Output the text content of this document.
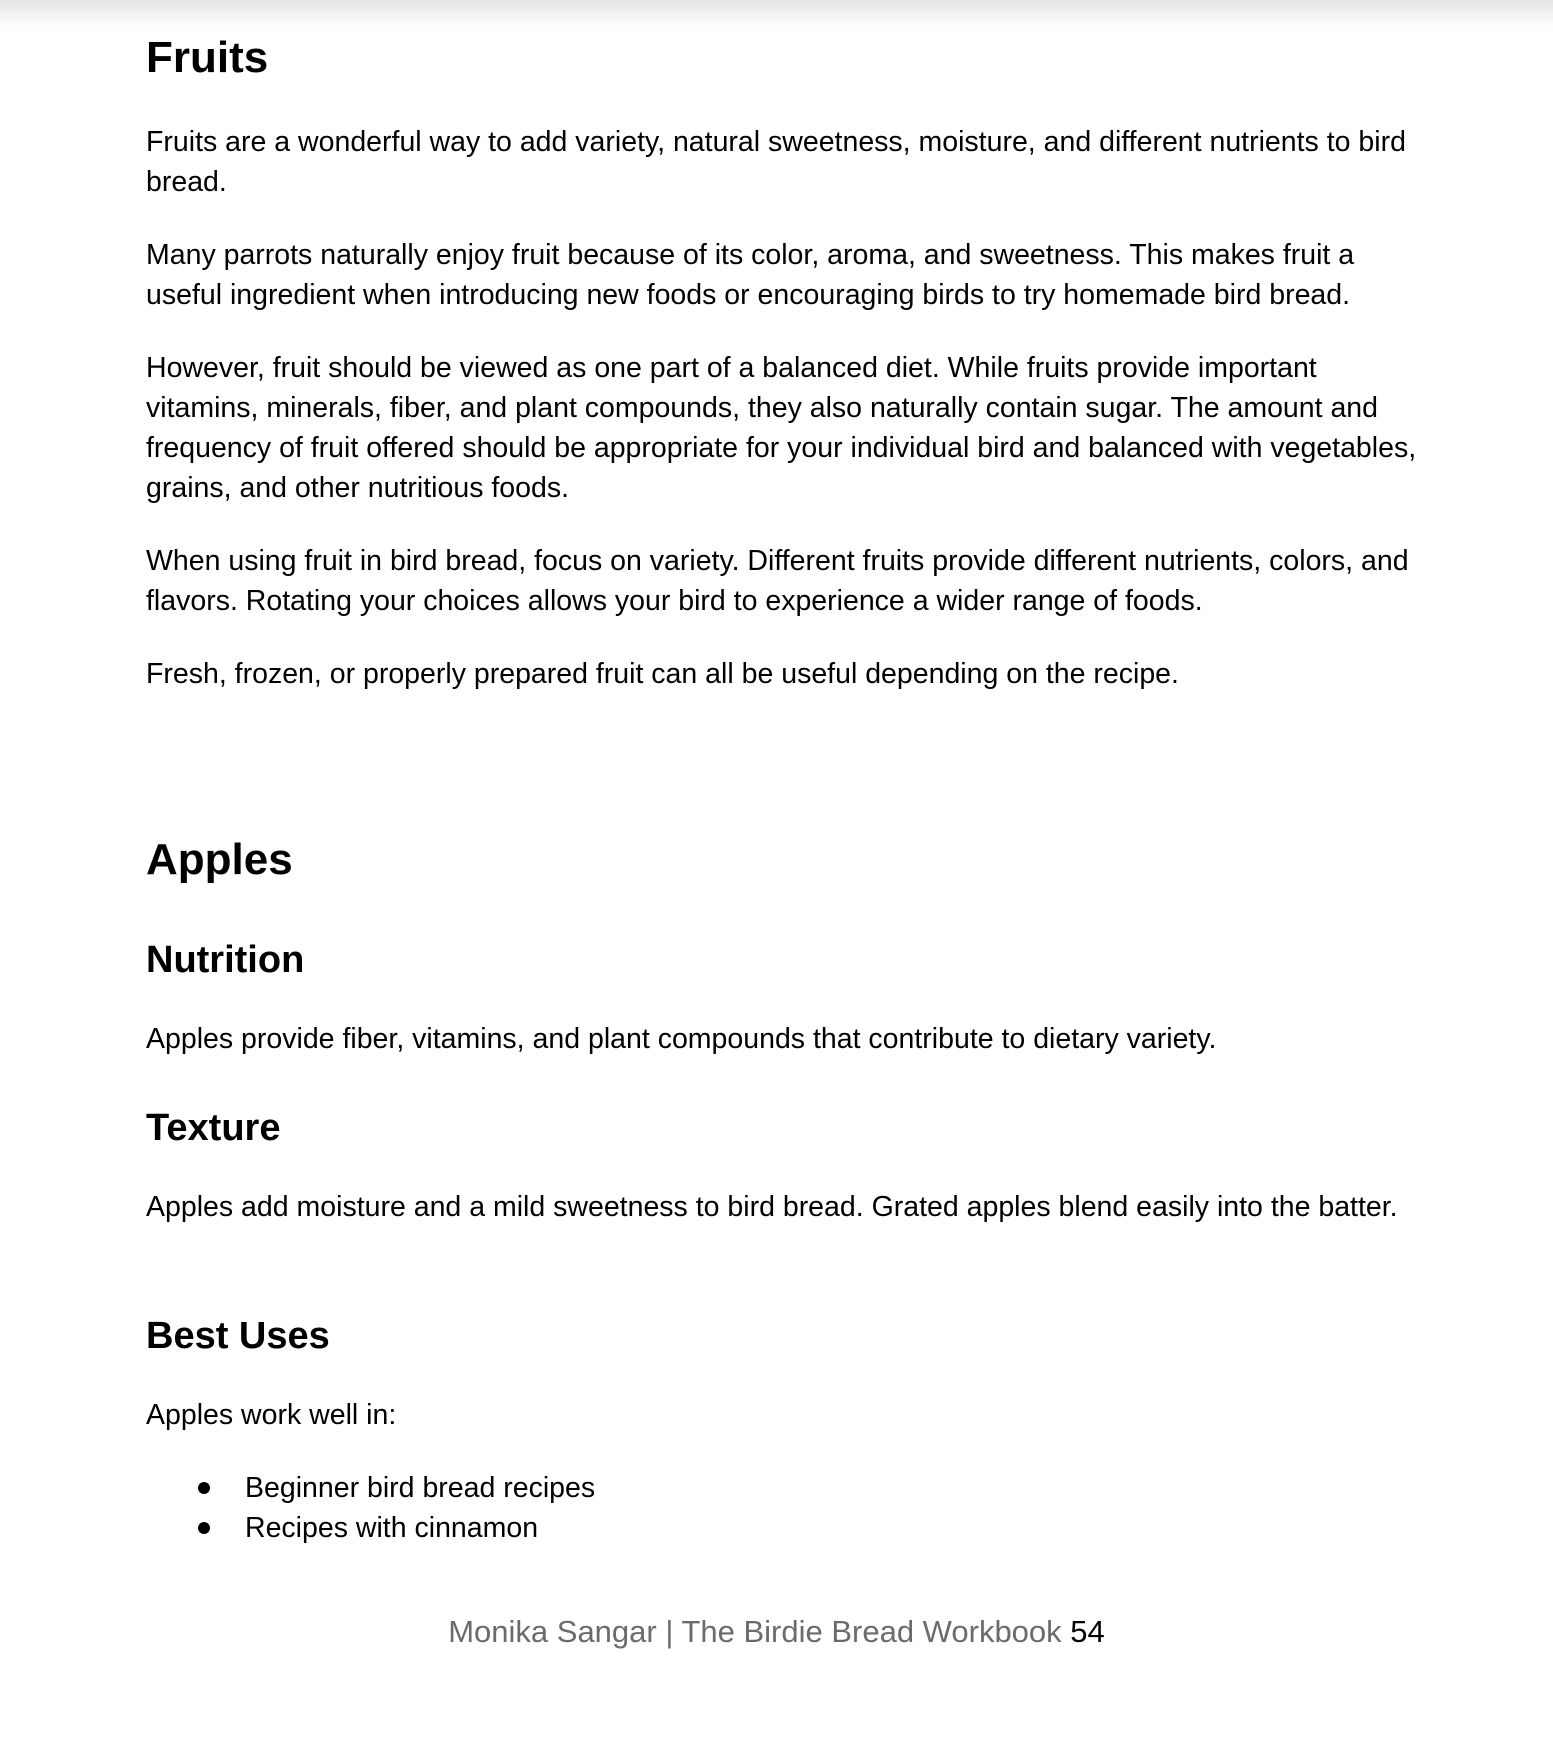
Fruits

Fruits are a wonderful way to add variety, natural sweetness, moisture, and different nutrients to bird bread.

Many parrots naturally enjoy fruit because of its color, aroma, and sweetness. This makes fruit a useful ingredient when introducing new foods or encouraging birds to try homemade bird bread.

However, fruit should be viewed as one part of a balanced diet. While fruits provide important vitamins, minerals, fiber, and plant compounds, they also naturally contain sugar. The amount and frequency of fruit offered should be appropriate for your individual bird and balanced with vegetables, grains, and other nutritious foods.

When using fruit in bird bread, focus on variety. Different fruits provide different nutrients, colors, and flavors. Rotating your choices allows your bird to experience a wider range of foods.

Fresh, frozen, or properly prepared fruit can all be useful depending on the recipe.

Apples
Nutrition

Apples provide fiber, vitamins, and plant compounds that contribute to dietary variety.

Texture

Apples add moisture and a mild sweetness to bird bread. Grated apples blend easily into the batter.

Best Uses

Apples work well in:

Beginner bird bread recipes
Recipes with cinnamon
Monika Sangar | The Birdie Bread Workbook 54
